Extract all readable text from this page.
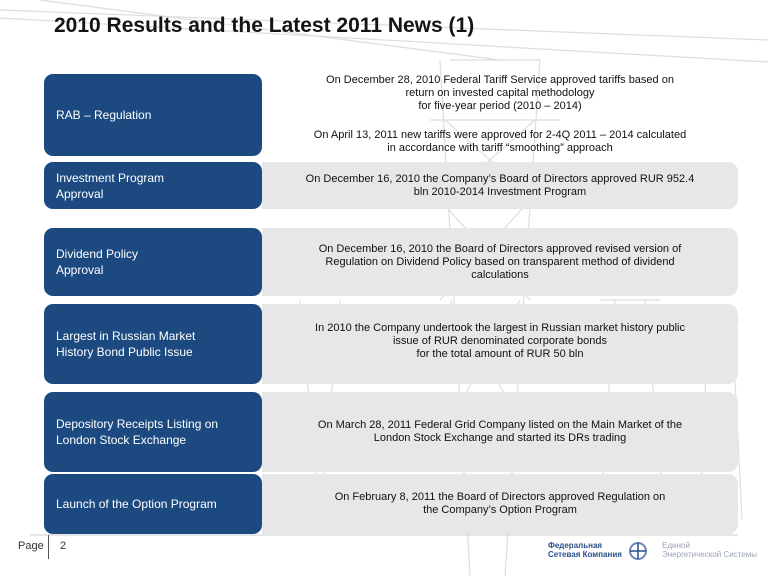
2010 Results and the Latest 2011 News (1)
RAB – Regulation
On December 28, 2010 Federal Tariff Service approved tariffs based on
return on invested capital methodology
for five-year period (2010 – 2014)
On April 13, 2011 new tariffs were approved for 2-4Q 2011 – 2014 calculated
in accordance with tariff “smoothing” approach
Investment Program
Approval
On December 16, 2010 the Company’s Board of Directors approved RUR 952.4
bln 2010-2014 Investment Program
Dividend Policy
Approval
On December 16, 2010 the Board of Directors approved revised version of
Regulation on Dividend Policy based on transparent method of dividend
calculations
Largest in Russian Market
History Bond Public Issue
In 2010 the Company undertook the largest in Russian market history public
issue of RUR denominated corporate bonds
for the total amount of RUR 50 bln
Depository Receipts Listing on
London Stock Exchange
On March 28, 2011 Federal Grid Company listed on the Main Market of the
London Stock Exchange and started its DRs trading
Launch of the Option Program	On February 8, 2011 the Board of Directors approved Regulation on
the Company’s Option Program
Page 2	Федеральная
Сетевая Компания
Единой
Энергетической Системы
